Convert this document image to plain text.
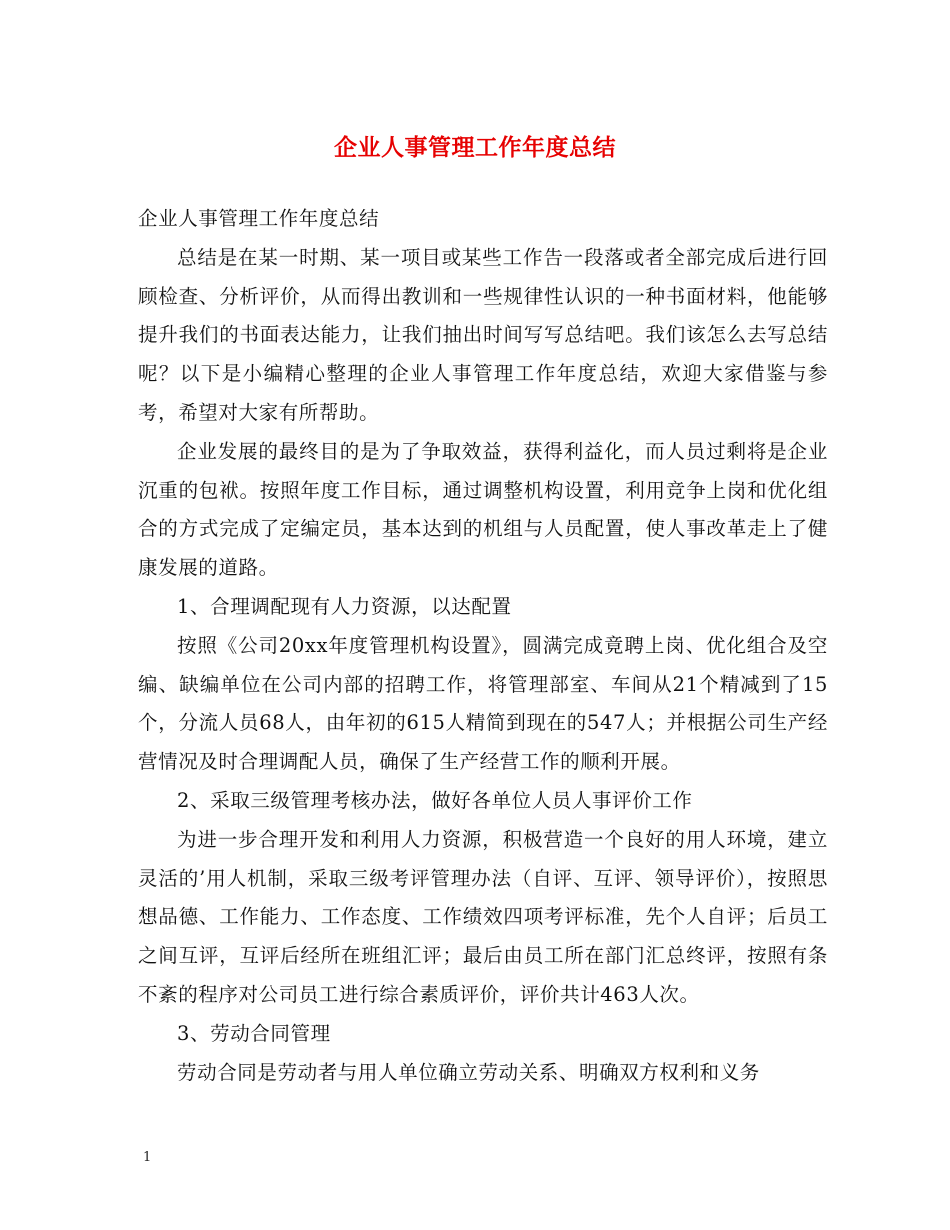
企业人事管理工作年度总结

企业人事管理工作年度总结

总结是在某一时期、某一项目或某些工作告一段落或者全部完成后进行回顾检查、分析评价，从而得出教训和一些规律性认识的一种书面材料，他能够提升我们的书面表达能力，让我们抽出时间写写总结吧。我们该怎么去写总结呢？以下是小编精心整理的企业人事管理工作年度总结，欢迎大家借鉴与参考，希望对大家有所帮助。

企业发展的最终目的是为了争取效益，获得利益化，而人员过剩将是企业沉重的包袱。按照年度工作目标，通过调整机构设置，利用竞争上岗和优化组合的方式完成了定编定员，基本达到的机组与人员配置，使人事改革走上了健康发展的道路。

1、合理调配现有人力资源，以达配置

按照《公司20xx年度管理机构设置》，圆满完成竟聘上岗、优化组合及空编、缺编单位在公司内部的招聘工作，将管理部室、车间从21个精减到了15个，分流人员68人，由年初的615人精简到现在的547人；并根据公司生产经营情况及时合理调配人员，确保了生产经营工作的顺利开展。

2、采取三级管理考核办法，做好各单位人员人事评价工作

为进一步合理开发和利用人力资源，积极营造一个良好的用人环境，建立灵活的’用人机制，采取三级考评管理办法（自评、互评、领导评价），按照思想品德、工作能力、工作态度、工作绩效四项考评标准，先个人自评；后员工之间互评，互评后经所在班组汇评；最后由员工所在部门汇总终评，按照有条不紊的程序对公司员工进行综合素质评价，评价共计463人次。

3、劳动合同管理

劳动合同是劳动者与用人单位确立劳动关系、明确双方权利和义务

1
